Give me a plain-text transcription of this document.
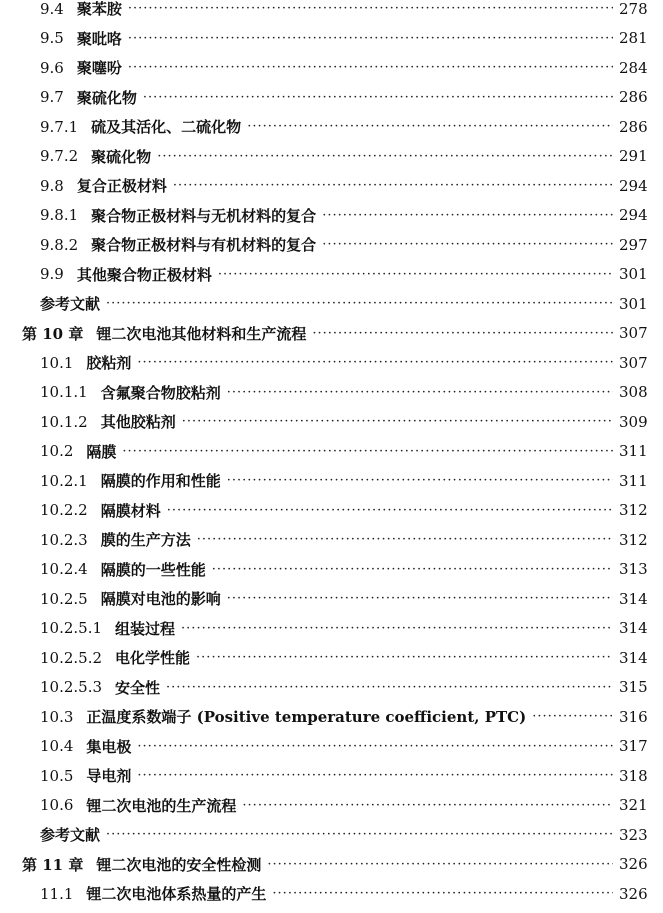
9.4 聚苯胺 ·····	278
9.5 聚吡咯 ·····	281
9.6 聚噻吩 ·····	284
9.7 聚硫化物 ·····	286
9.7.1 硫及其活化、二硫化物 ·····	286
9.7.2 聚硫化物 ·····	291
9.8 复合正极材料 ·····	294
9.8.1 聚合物正极材料与无机材料的复合 ·····	294
9.8.2 聚合物正极材料与有机材料的复合 ·····	297
9.9 其他聚合物正极材料 ·····	301
参考文献 ·····	301
第 10 章 锂二次电池其他材料和生产流程 ·····	307
10.1 胶粘剂 ·····	307
10.1.1 含氟聚合物胶粘剂 ·····	308
10.1.2 其他胶粘剂 ·····	309
10.2 隔膜 ·····	311
10.2.1 隔膜的作用和性能 ·····	311
10.2.2 隔膜材料 ·····	312
10.2.3 膜的生产方法 ·····	312
10.2.4 隔膜的一些性能 ·····	313
10.2.5 隔膜对电池的影响 ·····	314
10.2.5.1 组装过程 ·····	314
10.2.5.2 电化学性能 ·····	314
10.2.5.3 安全性 ·····	315
10.3 正温度系数端子 (Positive temperature coefficient, PTC) ·····	316
10.4 集电极 ·····	317
10.5 导电剂 ·····	318
10.6 锂二次电池的生产流程 ·····	321
参考文献 ·····	323
第 11 章 锂二次电池的安全性检测 ·····	326
11.1 锂二次电池体系热量的产生 ·····	326
